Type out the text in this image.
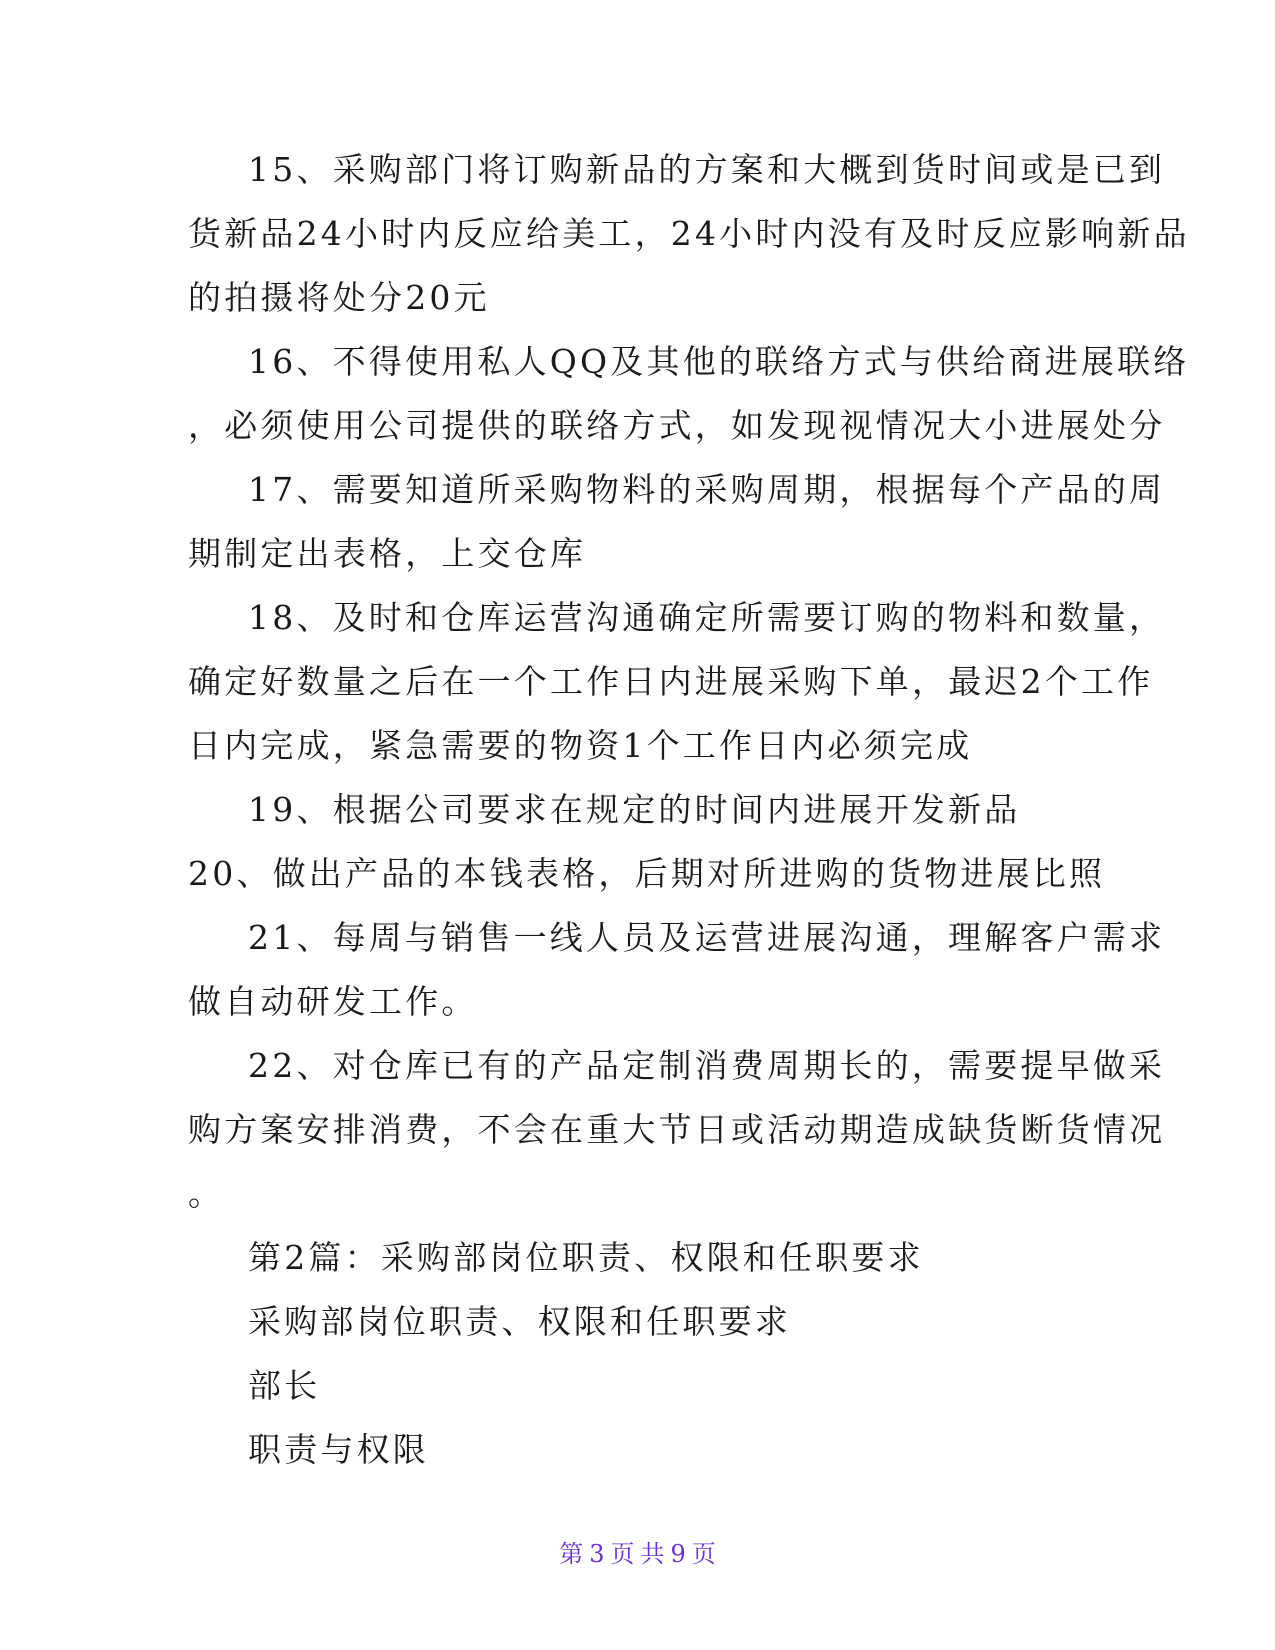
15、采购部门将订购新品的方案和大概到货时间或是已到
货新品24小时内反应给美工，24小时内没有及时反应影响新品
的拍摄将处分20元
16、不得使用私人QQ及其他的联络方式与供给商进展联络
，必须使用公司提供的联络方式，如发现视情况大小进展处分
17、需要知道所采购物料的采购周期，根据每个产品的周
期制定出表格，上交仓库
18、及时和仓库运营沟通确定所需要订购的物料和数量，
确定好数量之后在一个工作日内进展采购下单，最迟2个工作
日内完成，紧急需要的物资1个工作日内必须完成
19、根据公司要求在规定的时间内进展开发新品
20、做出产品的本钱表格，后期对所进购的货物进展比照
21、每周与销售一线人员及运营进展沟通，理解客户需求
做自动研发工作。
22、对仓库已有的产品定制消费周期长的，需要提早做采
购方案安排消费，不会在重大节日或活动期造成缺货断货情况
。
第2篇：采购部岗位职责、权限和任职要求
采购部岗位职责、权限和任职要求
部长
职责与权限
第 3 页 共 9 页
